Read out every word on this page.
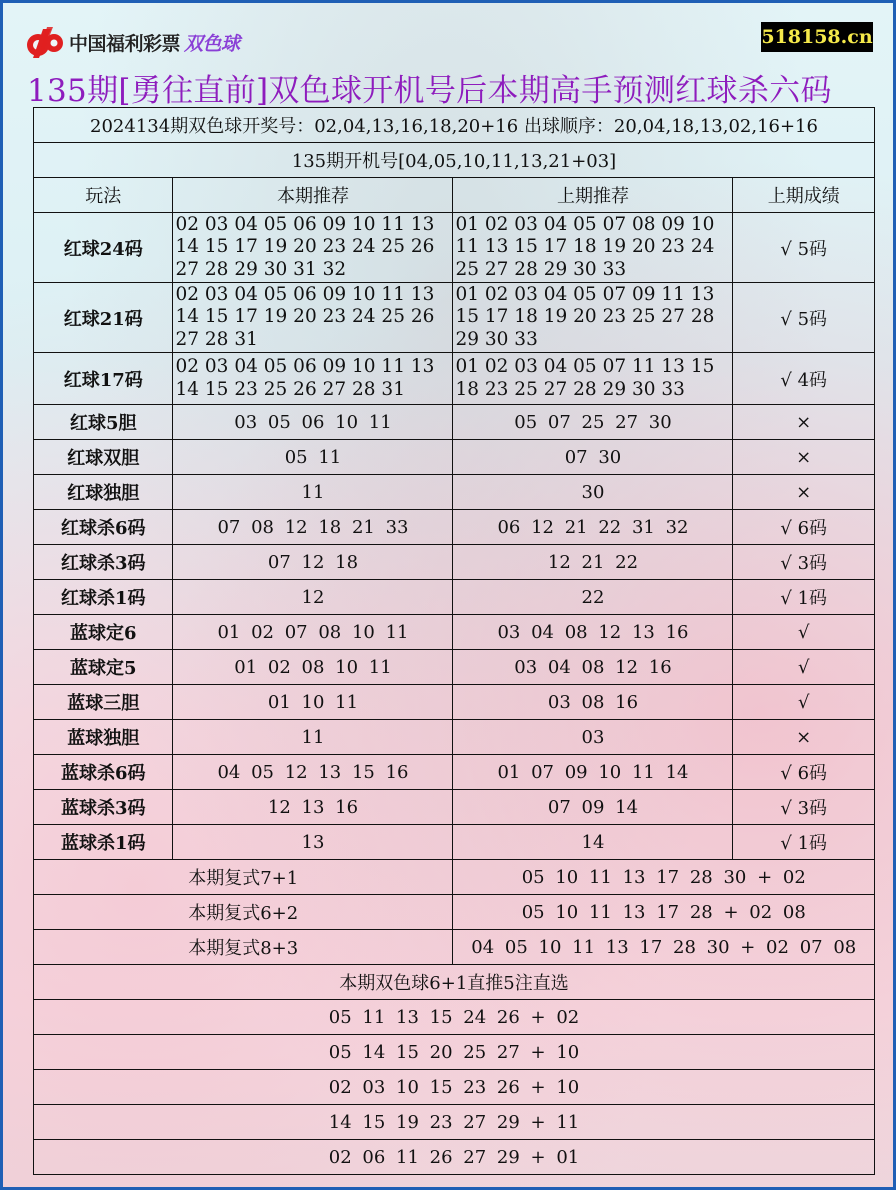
中国福利彩票 双色球	518158.cn
135期[勇往直前]双色球开机号后本期高手预测红球杀六码
2024134期双色球开奖号：02,04,13,16,18,20+16 出球顺序：20,04,18,13,02,16+16			
135期开机号[04,05,10,11,13,21+03]			
玩法	本期推荐	上期推荐	上期成绩
红球24码	02 03 04 05 06 09 10 11 13
14 15 17 19 20 23 24 25 26
27 28 29 30 31 32	01 02 03 04 05 07 08 09 10
11 13 15 17 18 19 20 23 24
25 27 28 29 30 33	√ 5码
红球21码	02 03 04 05 06 09 10 11 13
14 15 17 19 20 23 24 25 26
27 28 31	01 02 03 04 05 07 09 11 13
15 17 18 19 20 23 25 27 28
29 30 33	√ 5码
红球17码	02 03 04 05 06 09 10 11 13
14 15 23 25 26 27 28 31	01 02 03 04 05 07 11 13 15
18 23 25 27 28 29 30 33	√ 4码
红球5胆	03 05 06 10 11	05 07 25 27 30	×
红球双胆	05 11	07 30	×
红球独胆	11	30	×
红球杀6码	07 08 12 18 21 33	06 12 21 22 31 32	√ 6码
红球杀3码	07 12 18	12 21 22	√ 3码
红球杀1码	12	22	√ 1码
蓝球定6	01 02 07 08 10 11	03 04 08 12 13 16	√
蓝球定5	01 02 08 10 11	03 04 08 12 16	√
蓝球三胆	01 10 11	03 08 16	√
蓝球独胆	11	03	×
蓝球杀6码	04 05 12 13 15 16	01 07 09 10 11 14	√ 6码
蓝球杀3码	12 13 16	07 09 14	√ 3码
蓝球杀1码	13	14	√ 1码
本期复式7+1		05 10 11 13 17 28 30 + 02	
本期复式6+2		05 10 11 13 17 28 + 02 08	
本期复式8+3		04 05 10 11 13 17 28 30 + 02 07 08	
本期双色球6+1直推5注直选			
05 11 13 15 24 26 + 02			
05 14 15 20 25 27 + 10			
02 03 10 15 23 26 + 10			
14 15 19 23 27 29 + 11			
02 06 11 26 27 29 + 01			
